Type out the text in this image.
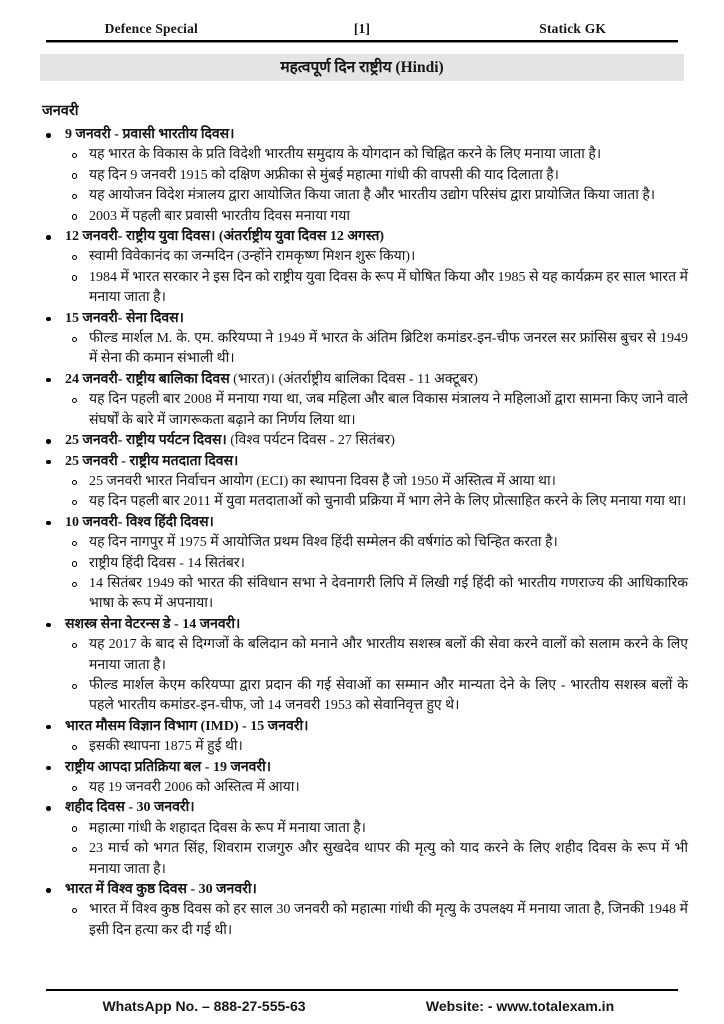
Defence Special	[1]	Statick GK
महत्वपूर्ण दिन राष्ट्रीय (Hindi)
जनवरी
9 जनवरी - प्रवासी भारतीय दिवस।
यह भारत के विकास के प्रति विदेशी भारतीय समुदाय के योगदान को चिह्नित करने के लिए मनाया जाता है।
यह दिन 9 जनवरी 1915 को दक्षिण अफ्रीका से मुंबई महात्मा गांधी की वापसी की याद दिलाता है।
यह आयोजन विदेश मंत्रालय द्वारा आयोजित किया जाता है और भारतीय उद्योग परिसंघ द्वारा प्रायोजित किया जाता है।
2003 में पहली बार प्रवासी भारतीय दिवस मनाया गया
12 जनवरी- राष्ट्रीय युवा दिवस। (अंतर्राष्ट्रीय युवा दिवस 12 अगस्त)
स्वामी विवेकानंद का जन्मदिन (उन्होंने रामकृष्ण मिशन शुरू किया)।
1984 में भारत सरकार ने इस दिन को राष्ट्रीय युवा दिवस के रूप में घोषित किया और 1985 से यह कार्यक्रम हर साल भारत में मनाया जाता है।
15 जनवरी- सेना दिवस।
फील्ड मार्शल M. के. एम. करियप्पा ने 1949 में भारत के अंतिम ब्रिटिश कमांडर-इन-चीफ जनरल सर फ्रांसिस बुचर से 1949 में सेना की कमान संभाली थी।
24 जनवरी- राष्ट्रीय बालिका दिवस (भारत)। (अंतर्राष्ट्रीय बालिका दिवस - 11 अक्टूबर)
यह दिन पहली बार 2008 में मनाया गया था, जब महिला और बाल विकास मंत्रालय ने महिलाओं द्वारा सामना किए जाने वाले संघर्षों के बारे में जागरूकता बढ़ाने का निर्णय लिया था।
25 जनवरी- राष्ट्रीय पर्यटन दिवस। (विश्व पर्यटन दिवस - 27 सितंबर)
25 जनवरी - राष्ट्रीय मतदाता दिवस।
25 जनवरी भारत निर्वाचन आयोग (ECI) का स्थापना दिवस है जो 1950 में अस्तित्व में आया था।
यह दिन पहली बार 2011 में युवा मतदाताओं को चुनावी प्रक्रिया में भाग लेने के लिए प्रोत्साहित करने के लिए मनाया गया था।
10 जनवरी- विश्व हिंदी दिवस।
यह दिन नागपुर में 1975 में आयोजित प्रथम विश्व हिंदी सम्मेलन की वर्षगांठ को चिन्हित करता है।
राष्ट्रीय हिंदी दिवस - 14 सितंबर।
14 सितंबर 1949 को भारत की संविधान सभा ने देवनागरी लिपि में लिखी गई हिंदी को भारतीय गणराज्य की आधिकारिक भाषा के रूप में अपनाया।
सशस्त्र सेना वेटरन्स डे - 14 जनवरी।
यह 2017 के बाद से दिग्गजों के बलिदान को मनाने और भारतीय सशस्त्र बलों की सेवा करने वालों को सलाम करने के लिए मनाया जाता है।
फील्ड मार्शल केएम करियप्पा द्वारा प्रदान की गई सेवाओं का सम्मान और मान्यता देने के लिए - भारतीय सशस्त्र बलों के पहले भारतीय कमांडर-इन-चीफ, जो 14 जनवरी 1953 को सेवानिवृत्त हुए थे।
भारत मौसम विज्ञान विभाग (IMD) - 15 जनवरी।
इसकी स्थापना 1875 में हुई थी।
राष्ट्रीय आपदा प्रतिक्रिया बल - 19 जनवरी।
यह 19 जनवरी 2006 को अस्तित्व में आया।
शहीद दिवस - 30 जनवरी।
महात्मा गांधी के शहादत दिवस के रूप में मनाया जाता है।
23 मार्च को भगत सिंह, शिवराम राजगुरु और सुखदेव थापर की मृत्यु को याद करने के लिए शहीद दिवस के रूप में भी मनाया जाता है।
भारत में विश्व कुष्ठ दिवस - 30 जनवरी।
भारत में विश्व कुष्ठ दिवस को हर साल 30 जनवरी को महात्मा गांधी की मृत्यु के उपलक्ष्य में मनाया जाता है, जिनकी 1948 में इसी दिन हत्या कर दी गई थी।
WhatsApp No. – 888-27-555-63	Website: - www.totalexam.in
